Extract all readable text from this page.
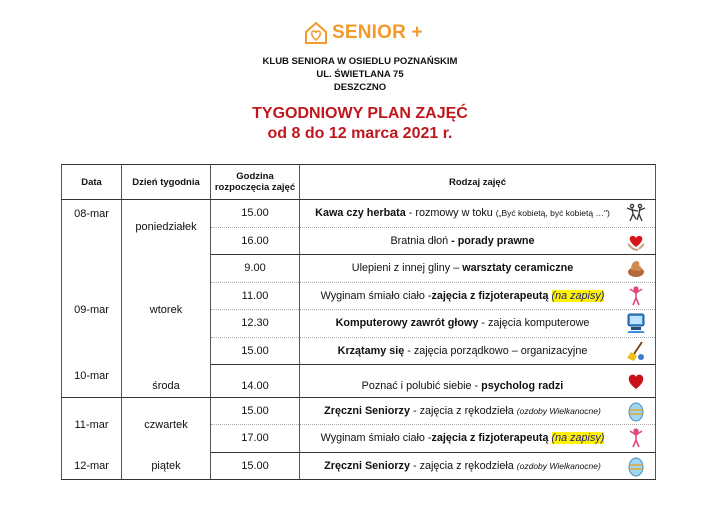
SENIOR +
KLUB SENIORA W OSIEDLU POZNAŃSKIM
UL. ŚWIETLANA 75
DESZCZNO
TYGODNIOWY PLAN ZAJĘĆ
od 8 do 12 marca 2021 r.
Data	Dzień tygodnia	Godzina
rozpoczęcia zajęć	Rodzaj zajęć
08-mar	poniedziałek	15.00	Kawa czy herbata - rozmowy w toku („Być kobietą, być kobietą …")

		16.00	Bratnia dłoń - porady prawne

09-mar	wtorek	9.00	Ulepieni z innej gliny – warsztaty ceramiczne

		11.00	Wyginam śmiało ciało -zajęcia z fizjoterapeutą (na zapisy)

		12.30	Komputerowy zawrót głowy - zajęcia komputerowe

		15.00	Krzątamy się - zajęcia porządkowo – organizacyjne

10-mar	środa	14.00	Poznać i polubić siebie - psycholog radzi

11-mar	czwartek	15.00	Zręczni Seniorzy - zajęcia z rękodzieła (ozdoby Wielkanocne)

		17.00	Wyginam śmiało ciało -zajęcia z fizjoterapeutą (na zapisy)

12-mar	piątek	15.00	Zręczni Seniorzy - zajęcia z rękodzieła (ozdoby Wielkanocne)
